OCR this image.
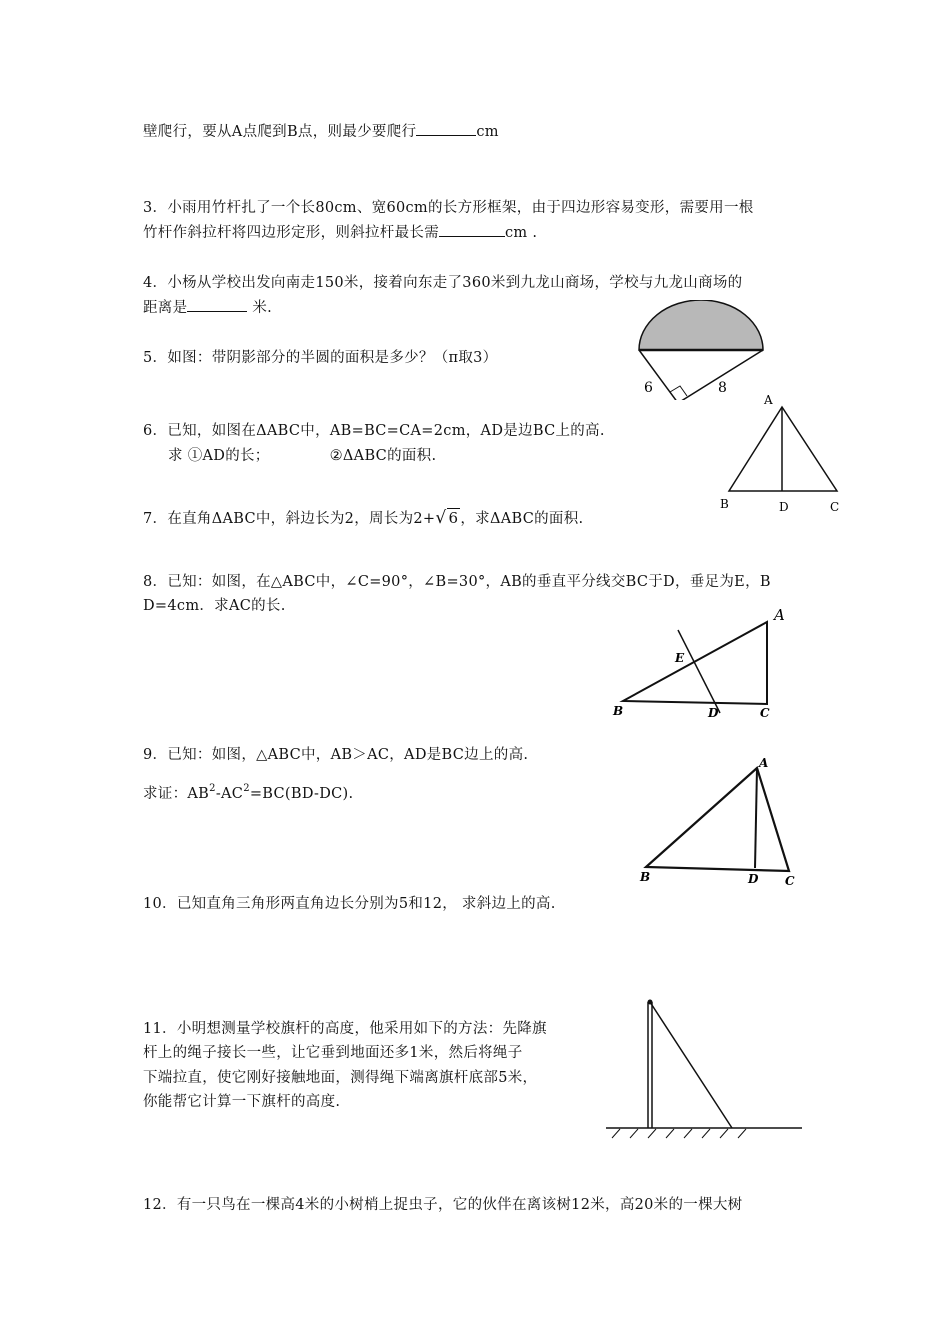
壁爬行，要从A点爬到B点，则最少要爬行	cm
3．小雨用竹杆扎了一个长80cm、宽60cm的长方形框架，由于四边形容易变形，需要用一根
竹杆作斜拉杆将四边形定形，则斜拉杆最长需	cm .
4．小杨从学校出发向南走150米，接着向东走了360米到九龙山商场，学校与九龙山商场的
距离是	米.
5．如图：带阴影部分的半圆的面积是多少？（π取3）
6	8
6．已知，如图在ΔABC中，AB=BC=CA=2cm，AD是边BC上的高.
求 ①AD的长；	②ΔABC的面积.
A
B	D	C
7．在直角ΔABC中，斜边长为2，周长为2+√ 6 ，求ΔABC的面积.
8．已知：如图，在△ABC中，∠C=90°，∠B=30°，AB的垂直平分线交BC于D，垂足为E，B
D=4cm．求AC的长.	A
B	C
D
E
9．已知：如图，△ABC中，AB＞AC，AD是BC边上的高.
求证：$AB^2-AC^2=BC(BD-DC)$.
A
B	D C
10．已知直角三角形两直角边长分别为5和12， 求斜边上的高.
11．小明想测量学校旗杆的高度，他采用如下的方法：先降旗
杆上的绳子接长一些，让它垂到地面还多1米，然后将绳子
下端拉直，使它刚好接触地面，测得绳下端离旗杆底部5米，
你能帮它计算一下旗杆的高度.
12．有一只鸟在一棵高4米的小树梢上捉虫子，它的伙伴在离该树12米，高20米的一棵大树
